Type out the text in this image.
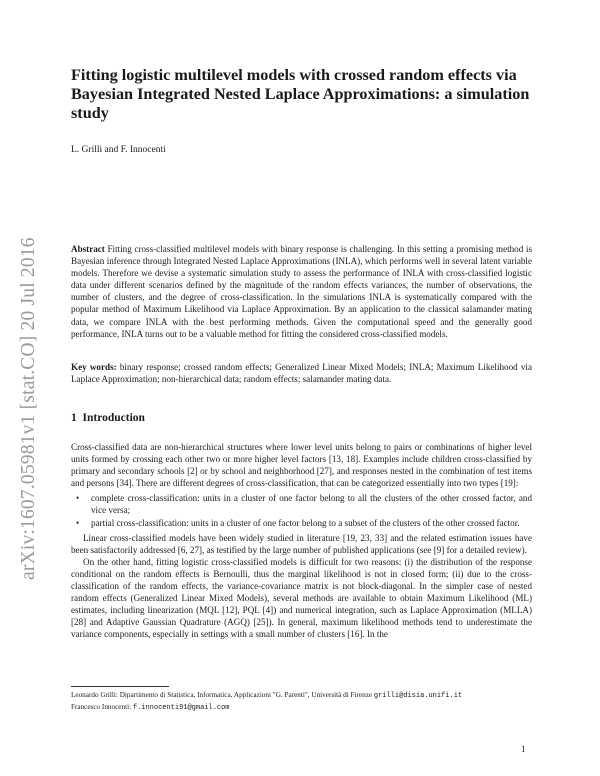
arXiv:1607.05981v1 [stat.CO] 20 Jul 2016
Fitting logistic multilevel models with crossed random effects via Bayesian Integrated Nested Laplace Approximations: a simulation study
L. Grilli and F. Innocenti
Abstract Fitting cross-classified multilevel models with binary response is challenging. In this setting a promising method is Bayesian inference through Integrated Nested Laplace Approximations (INLA), which performs well in several latent variable models. Therefore we devise a systematic simulation study to assess the performance of INLA with cross-classified logistic data under different scenarios defined by the magnitude of the random effects variances, the number of observations, the number of clusters, and the degree of cross-classification. In the simulations INLA is systematically compared with the popular method of Maximum Likelihood via Laplace Approximation. By an application to the classical salamander mating data, we compare INLA with the best performing methods. Given the computational speed and the generally good performance, INLA turns out to be a valuable method for fitting the considered cross-classified models.
Key words: binary response; crossed random effects; Generalized Linear Mixed Models; INLA; Maximum Likelihood via Laplace Approximation; non-hierarchical data; random effects; salamander mating data.
1 Introduction

Cross-classified data are non-hierarchical structures where lower level units belong to pairs or combinations of higher level units formed by crossing each other two or more higher level factors [13, 18]. Examples include children cross-classified by primary and secondary schools [2] or by school and neighborhood [27], and responses nested in the combination of test items and persons [34]. There are different degrees of cross-classification, that can be categorized essentially into two types [19]:

• complete cross-classification: units in a cluster of one factor belong to all the clusters of the other crossed factor, and vice versa;
• partial cross-classification: units in a cluster of one factor belong to a subset of the clusters of the other crossed factor.

Linear cross-classified models have been widely studied in literature [19, 23, 33] and the related estimation issues have been satisfactorily addressed [6, 27], as testified by the large number of published applications (see [9] for a detailed review).

On the other hand, fitting logistic cross-classified models is difficult for two reasons: (i) the distribution of the response conditional on the random effects is Bernoulli, thus the marginal likelihood is not in closed form; (ii) due to the cross-classification of the random effects, the variance-covariance matrix is not block-diagonal. In the simpler case of nested random effects (Generalized Linear Mixed Models), several methods are available to obtain Maximum Likelihood (ML) estimates, including linearization (MQL [12], PQL [4]) and numerical integration, such as Laplace Approximation (MLLA) [28] and Adaptive Gaussian Quadrature (AGQ) [25]). In general, maximum likelihood methods tend to underestimate the variance components, especially in settings with a small number of clusters [16]. In the

Leonardo Grilli: Dipartimento di Statistica, Informatica, Applicazioni "G. Parenti", Università di Firenze grilli@disia.unifi.it
Francesco Innocenti: f.innocenti91@gmail.com
1
